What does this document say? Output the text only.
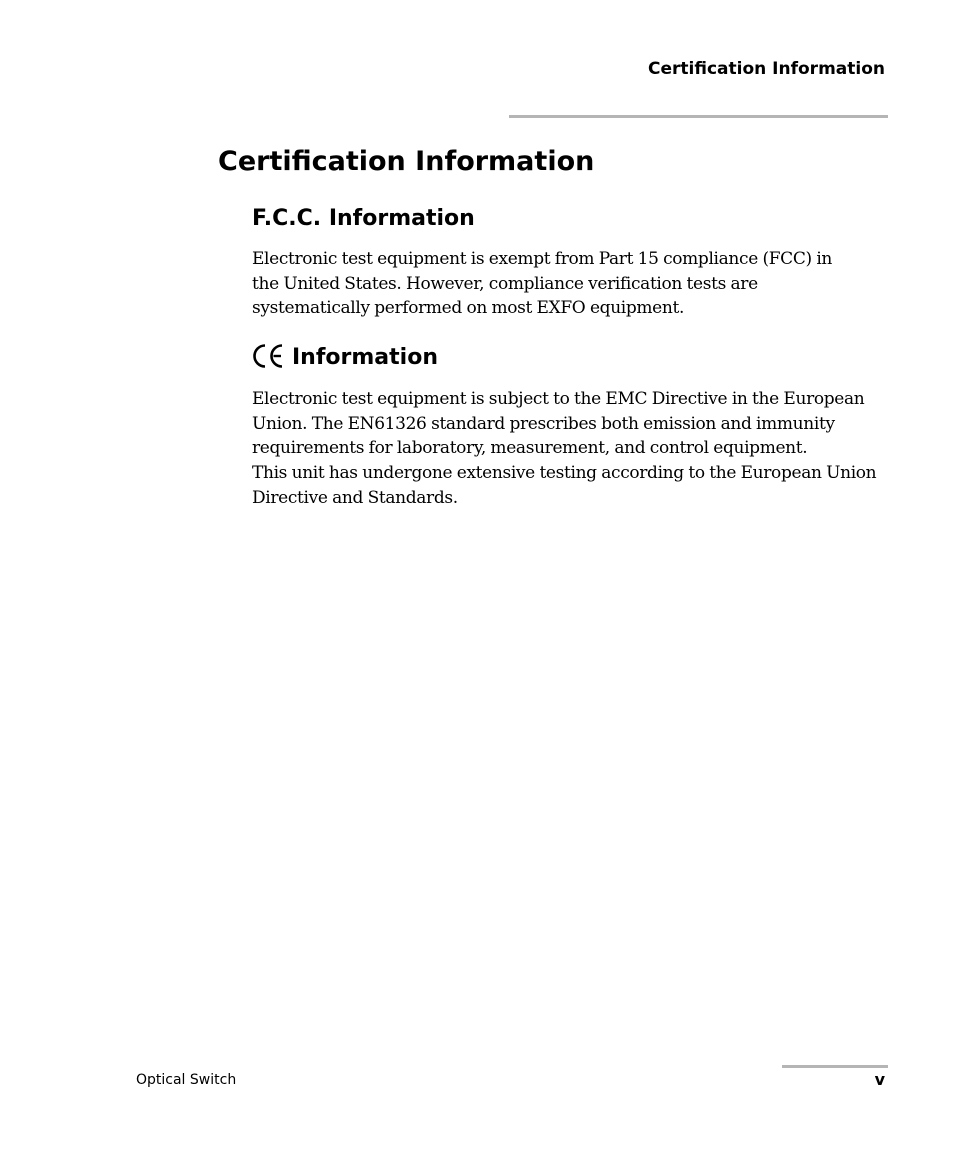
Certification Information
Certification Information
F.C.C. Information

Electronic test equipment is exempt from Part 15 compliance (FCC) in
the United States. However, compliance verification tests are
systematically performed on most EXFO equipment.

Information

Electronic test equipment is subject to the EMC Directive in the European
Union. The EN61326 standard prescribes both emission and immunity
requirements for laboratory, measurement, and control equipment.

This unit has undergone extensive testing according to the European Union
Directive and Standards.

Optical Switch	v
